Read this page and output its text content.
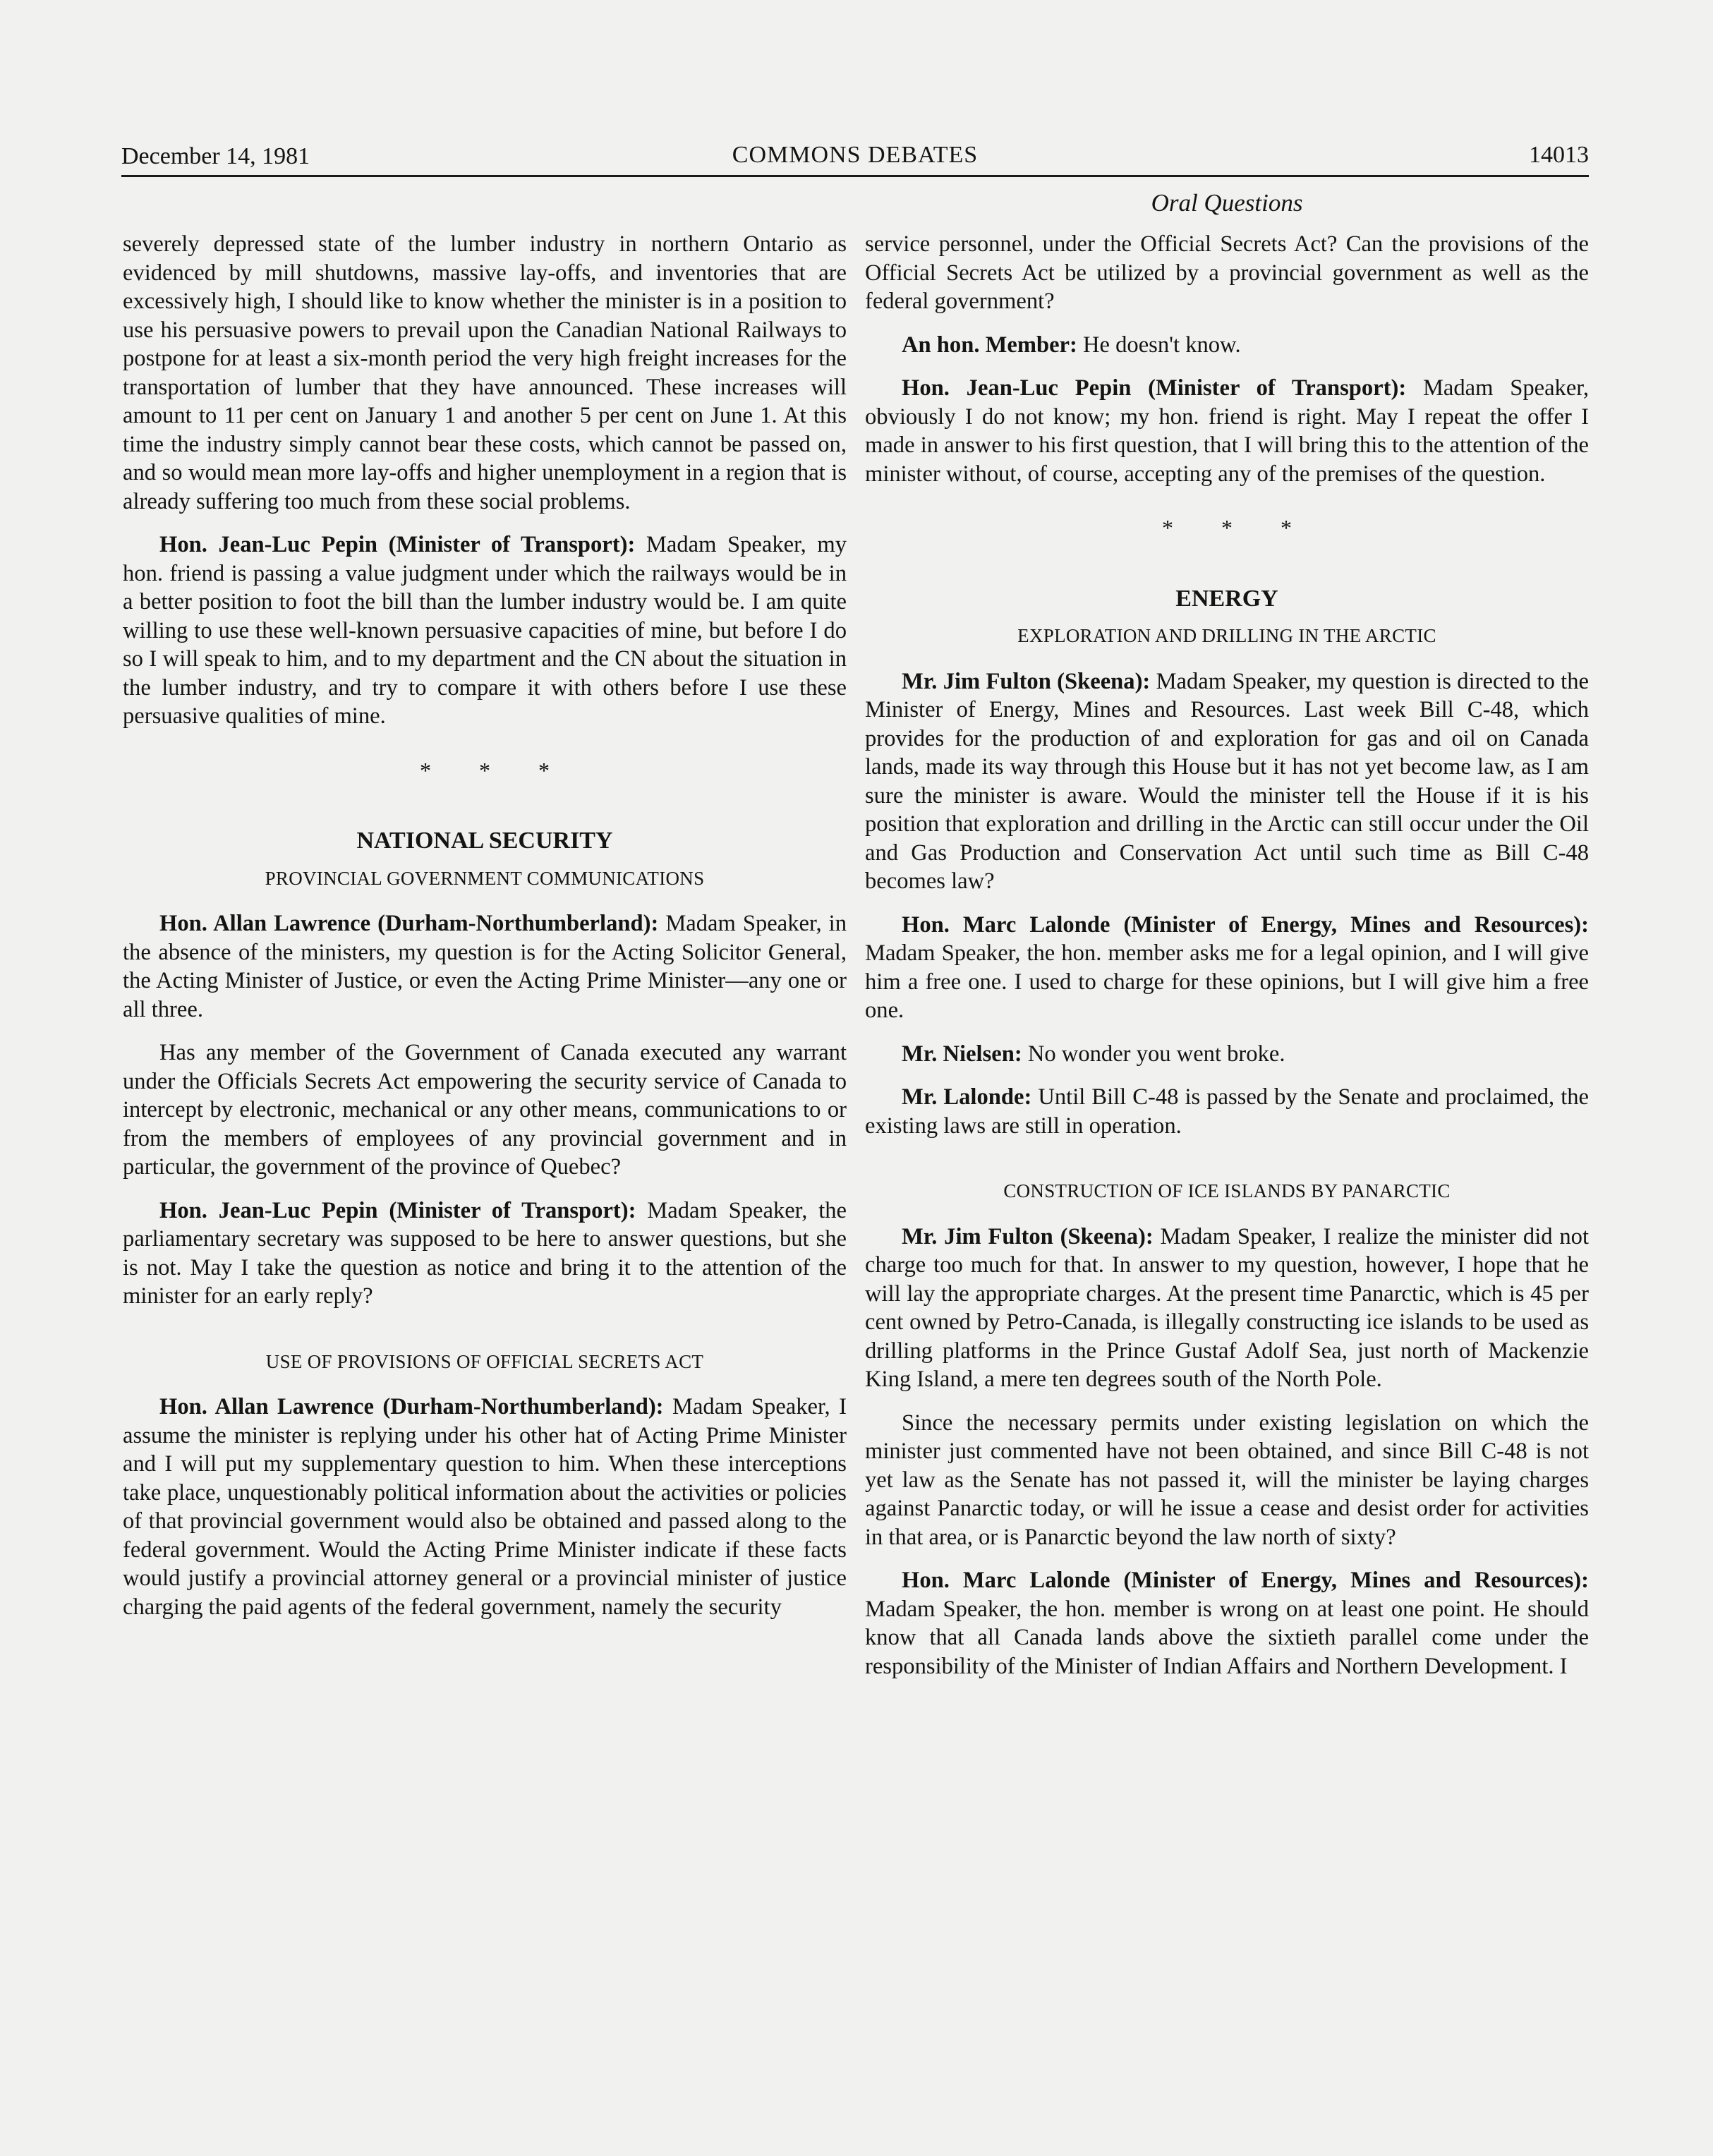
December 14, 1981	COMMONS DEBATES	14013
Oral Questions

severely depressed state of the lumber industry in northern Ontario as evidenced by mill shutdowns, massive lay-offs, and inventories that are excessively high, I should like to know whether the minister is in a position to use his persuasive powers to prevail upon the Canadian National Railways to postpone for at least a six-month period the very high freight increases for the transportation of lumber that they have announced. These increases will amount to 11 per cent on January 1 and another 5 per cent on June 1. At this time the industry simply cannot bear these costs, which cannot be passed on, and so would mean more lay-offs and higher unemployment in a region that is already suffering too much from these social problems.

Hon. Jean-Luc Pepin (Minister of Transport): Madam Speaker, my hon. friend is passing a value judgment under which the railways would be in a better position to foot the bill than the lumber industry would be. I am quite willing to use these well-known persuasive capacities of mine, but before I do so I will speak to him, and to my department and the CN about the situation in the lumber industry, and try to compare it with others before I use these persuasive qualities of mine.

* * *
NATIONAL SECURITY
PROVINCIAL GOVERNMENT COMMUNICATIONS

Hon. Allan Lawrence (Durham-Northumberland): Madam Speaker, in the absence of the ministers, my question is for the Acting Solicitor General, the Acting Minister of Justice, or even the Acting Prime Minister—any one or all three.

Has any member of the Government of Canada executed any warrant under the Officials Secrets Act empowering the security service of Canada to intercept by electronic, mechanical or any other means, communications to or from the members of employees of any provincial government and in particular, the government of the province of Quebec?

Hon. Jean-Luc Pepin (Minister of Transport): Madam Speaker, the parliamentary secretary was supposed to be here to answer questions, but she is not. May I take the question as notice and bring it to the attention of the minister for an early reply?

USE OF PROVISIONS OF OFFICIAL SECRETS ACT

Hon. Allan Lawrence (Durham-Northumberland): Madam Speaker, I assume the minister is replying under his other hat of Acting Prime Minister and I will put my supplementary question to him. When these interceptions take place, unquestionably political information about the activities or policies of that provincial government would also be obtained and passed along to the federal government. Would the Acting Prime Minister indicate if these facts would justify a provincial attorney general or a provincial minister of justice charging the paid agents of the federal government, namely the security

service personnel, under the Official Secrets Act? Can the provisions of the Official Secrets Act be utilized by a provincial government as well as the federal government?

An hon. Member: He doesn't know.

Hon. Jean-Luc Pepin (Minister of Transport): Madam Speaker, obviously I do not know; my hon. friend is right. May I repeat the offer I made in answer to his first question, that I will bring this to the attention of the minister without, of course, accepting any of the premises of the question.

* * *
ENERGY
EXPLORATION AND DRILLING IN THE ARCTIC

Mr. Jim Fulton (Skeena): Madam Speaker, my question is directed to the Minister of Energy, Mines and Resources. Last week Bill C-48, which provides for the production of and exploration for gas and oil on Canada lands, made its way through this House but it has not yet become law, as I am sure the minister is aware. Would the minister tell the House if it is his position that exploration and drilling in the Arctic can still occur under the Oil and Gas Production and Conservation Act until such time as Bill C-48 becomes law?

Hon. Marc Lalonde (Minister of Energy, Mines and Resources): Madam Speaker, the hon. member asks me for a legal opinion, and I will give him a free one. I used to charge for these opinions, but I will give him a free one.

Mr. Nielsen: No wonder you went broke.

Mr. Lalonde: Until Bill C-48 is passed by the Senate and proclaimed, the existing laws are still in operation.

CONSTRUCTION OF ICE ISLANDS BY PANARCTIC

Mr. Jim Fulton (Skeena): Madam Speaker, I realize the minister did not charge too much for that. In answer to my question, however, I hope that he will lay the appropriate charges. At the present time Panarctic, which is 45 per cent owned by Petro-Canada, is illegally constructing ice islands to be used as drilling platforms in the Prince Gustaf Adolf Sea, just north of Mackenzie King Island, a mere ten degrees south of the North Pole.

Since the necessary permits under existing legislation on which the minister just commented have not been obtained, and since Bill C-48 is not yet law as the Senate has not passed it, will the minister be laying charges against Panarctic today, or will he issue a cease and desist order for activities in that area, or is Panarctic beyond the law north of sixty?

Hon. Marc Lalonde (Minister of Energy, Mines and Resources): Madam Speaker, the hon. member is wrong on at least one point. He should know that all Canada lands above the sixtieth parallel come under the responsibility of the Minister of Indian Affairs and Northern Development. I
